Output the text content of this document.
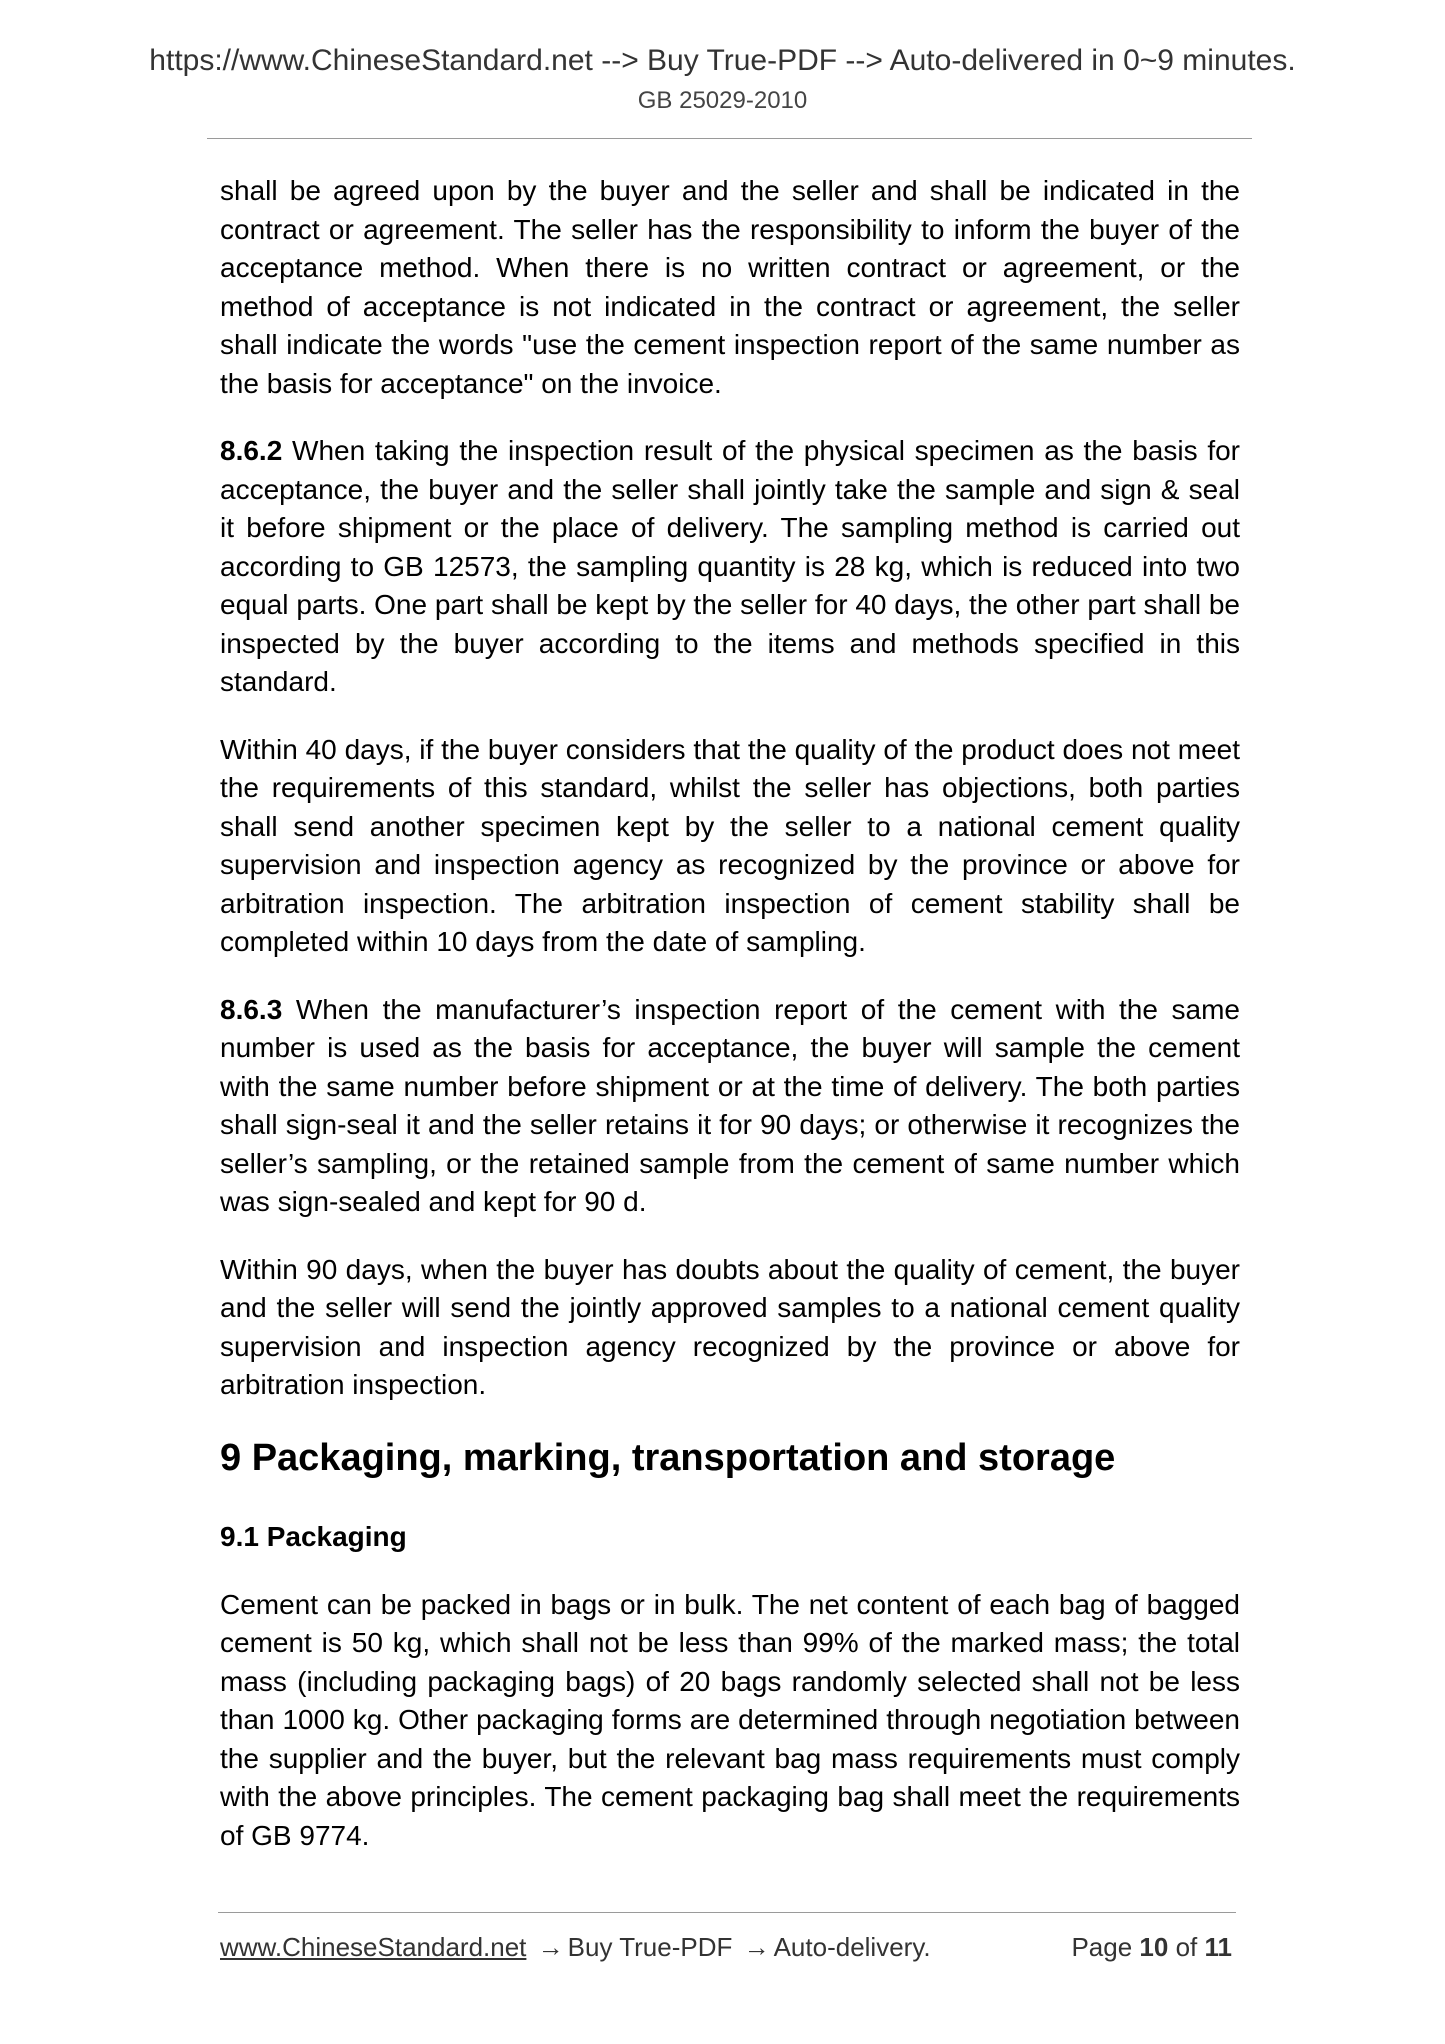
https://www.ChineseStandard.net --> Buy True-PDF --> Auto-delivered in 0~9 minutes.
GB 25029-2010

shall be agreed upon by the buyer and the seller and shall be indicated in the contract or agreement. The seller has the responsibility to inform the buyer of the acceptance method. When there is no written contract or agreement, or the method of acceptance is not indicated in the contract or agreement, the seller shall indicate the words "use the cement inspection report of the same number as the basis for acceptance" on the invoice.

8.6.2 When taking the inspection result of the physical specimen as the basis for acceptance, the buyer and the seller shall jointly take the sample and sign & seal it before shipment or the place of delivery. The sampling method is carried out according to GB 12573, the sampling quantity is 28 kg, which is reduced into two equal parts. One part shall be kept by the seller for 40 days, the other part shall be inspected by the buyer according to the items and methods specified in this standard.

Within 40 days, if the buyer considers that the quality of the product does not meet the requirements of this standard, whilst the seller has objections, both parties shall send another specimen kept by the seller to a national cement quality supervision and inspection agency as recognized by the province or above for arbitration inspection. The arbitration inspection of cement stability shall be completed within 10 days from the date of sampling.

8.6.3 When the manufacturer’s inspection report of the cement with the same number is used as the basis for acceptance, the buyer will sample the cement with the same number before shipment or at the time of delivery. The both parties shall sign-seal it and the seller retains it for 90 days; or otherwise it recognizes the seller’s sampling, or the retained sample from the cement of same number which was sign-sealed and kept for 90 d.

Within 90 days, when the buyer has doubts about the quality of cement, the buyer and the seller will send the jointly approved samples to a national cement quality supervision and inspection agency recognized by the province or above for arbitration inspection.

9 Packaging, marking, transportation and storage
9.1 Packaging

Cement can be packed in bags or in bulk. The net content of each bag of bagged cement is 50 kg, which shall not be less than 99% of the marked mass; the total mass (including packaging bags) of 20 bags randomly selected shall not be less than 1000 kg. Other packaging forms are determined through negotiation between the supplier and the buyer, but the relevant bag mass requirements must comply with the above principles. The cement packaging bag shall meet the requirements of GB 9774.

www.ChineseStandard.net → Buy True-PDF → Auto-delivery.	Page 10 of 11
